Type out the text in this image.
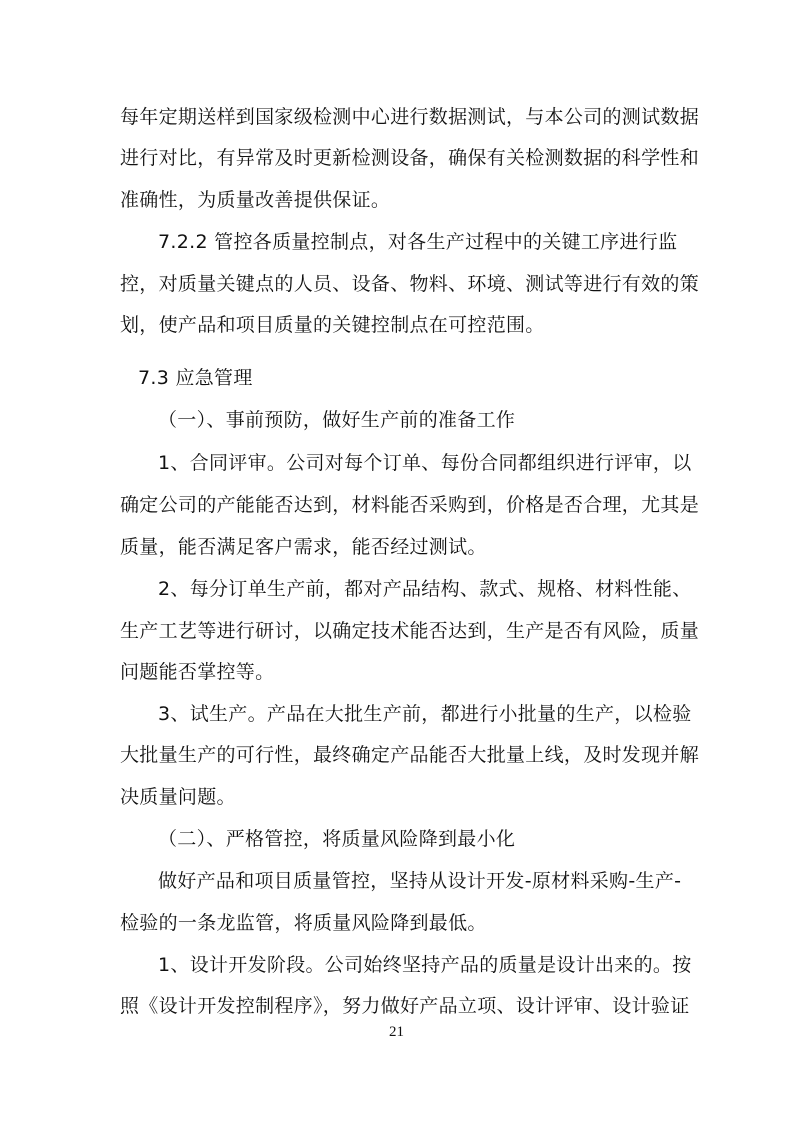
每年定期送样到国家级检测中心进行数据测试，与本公司的测试数据
进行对比，有异常及时更新检测设备，确保有关检测数据的科学性和
准确性，为质量改善提供保证。
7.2.2 管控各质量控制点，对各生产过程中的关键工序进行监
控，对质量关键点的人员、设备、物料、环境、测试等进行有效的策
划，使产品和项目质量的关键控制点在可控范围。
7.3 应急管理
（一）、事前预防，做好生产前的准备工作
1、合同评审。公司对每个订单、每份合同都组织进行评审，以
确定公司的产能能否达到，材料能否采购到，价格是否合理，尤其是
质量，能否满足客户需求，能否经过测试。
2、每分订单生产前，都对产品结构、款式、规格、材料性能、
生产工艺等进行研讨，以确定技术能否达到，生产是否有风险，质量
问题能否掌控等。
3、试生产。产品在大批生产前，都进行小批量的生产，以检验
大批量生产的可行性，最终确定产品能否大批量上线，及时发现并解
决质量问题。
（二）、严格管控，将质量风险降到最小化
做好产品和项目质量管控，坚持从设计开发-原材料采购-生产-
检验的一条龙监管，将质量风险降到最低。
1、设计开发阶段。公司始终坚持产品的质量是设计出来的。按
照《设计开发控制程序》，努力做好产品立项、设计评审、设计验证
21
